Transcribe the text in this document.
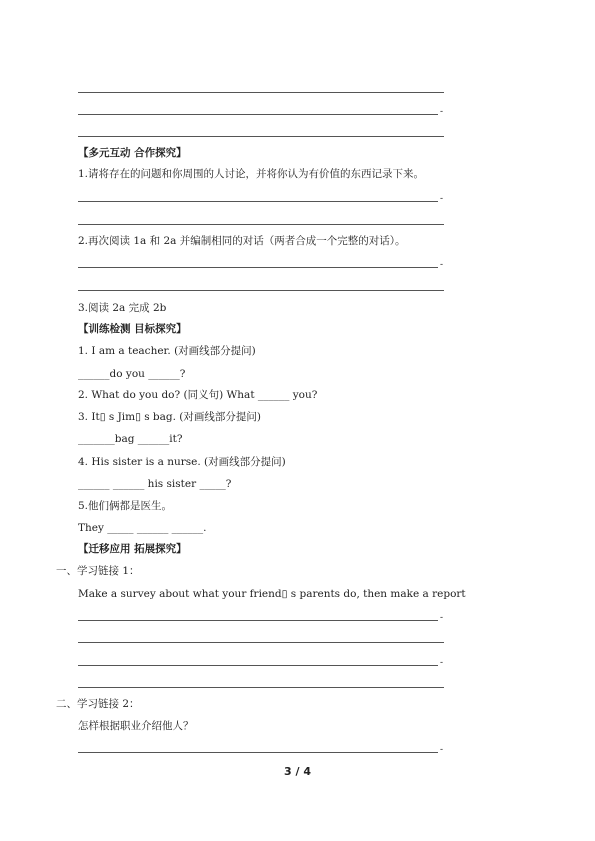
-
【多元互动 合作探究】
1.请将存在的问题和你周围的人讨论，并将你认为有价值的东西记录下来。
-
2.再次阅读 1a 和 2a 并编制相同的对话（两者合成一个完整的对话）。
-
3.阅读 2a 完成 2b
【训练检测 目标探究】
1. I am a teacher. (对画线部分提问)
______do you ______?
2. What do you do? (同义句) What ______ you?
3. It▯ s Jim▯ s bag. (对画线部分提问)
_______bag ______it?
4. His sister is a nurse. (对画线部分提问)
______ ______ his sister _____?
5.他们俩都是医生。
They _____ ______ ______.
【迁移应用 拓展探究】
一、学习链接 1：
Make a survey about what your friend▯ s parents do, then make a report
-
-
二、学习链接 2：
怎样根据职业介绍他人？
-
3 / 4
